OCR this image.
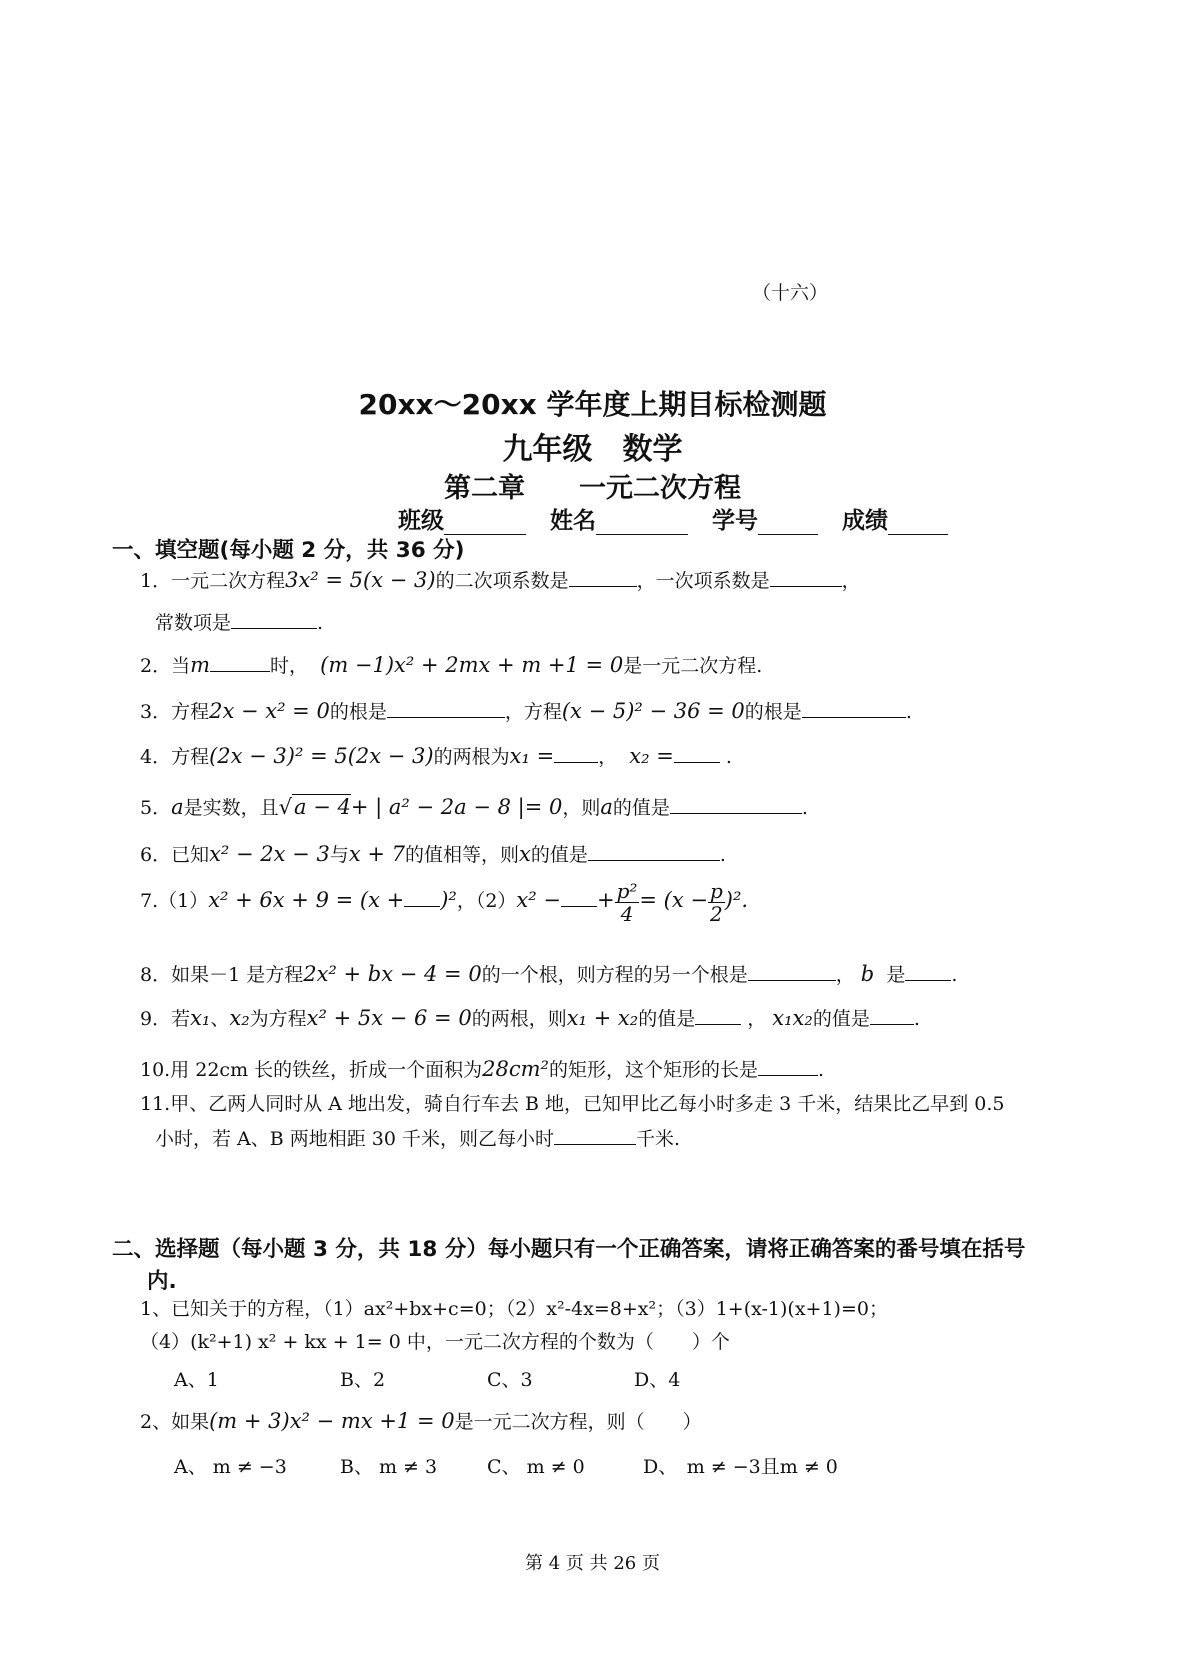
（十六）
20xx～20xx 学年度上期目标检测题
九年级　数学
第二章　　一元二次方程
班级	姓名	学号	成绩
一、填空题(每小题 2 分，共 36 分)
1．一元二次方程3x² = 5(x − 3)的二次项系数是	，一次项系数是	，
常数项是	.
2．当m	时， (m −1)x² + 2mx + m +1 = 0是一元二次方程.
3．方程2x − x² = 0的根是	，方程(x − 5)² − 36 = 0的根是	.
4．方程(2x − 3)² = 5(2x − 3)的两根为x₁ = ，  x₂ = .
5．a是实数，且√a − 4+ | a² − 2a − 8 |= 0，则a的值是	.
6．已知x² − 2x − 3与x + 7的值相等，则x的值是	.
7.（1）x² + 6x + 9 = (x + )²，（2）x² − + $\frac{\text{p²}}{4} = (x - \frac{p}{2} )^2$.
8．如果－1 是方程2x² + bx − 4 = 0的一个根，则方程的另一个根是	， b 是 .
9．若x₁、x₂为方程x² + 5x − 6 = 0的两根，则x₁ + x₂的值是 ， x₁x₂的值是 .
10.用 22cm 长的铁丝，折成一个面积为28cm²的矩形，这个矩形的长是	.
11.甲、乙两人同时从 A 地出发，骑自行车去 B 地，已知甲比乙每小时多走 3 千米，结果比乙早到 0.5
小时，若 A、B 两地相距 30 千米，则乙每小时	千米.
二、选择题（每小题 3 分，共 18 分）每小题只有一个正确答案，请将正确答案的番号填在括号内.
1、已知关于的方程，（1）ax²+bx+c=0；（2）x²-4x=8+x²；（3）1+(x-1)(x+1)=0；
（4）(k²+1) x² + kx + 1= 0 中，一元二次方程的个数为（　　）个
A、1	B、2	C、3	D、4
2、如果(m + 3)x² − mx +1 = 0是一元二次方程，则（　　）
A、 m ≠ −3	B、 m ≠ 3	C、 m ≠ 0	D、　m ≠ −3且m ≠ 0
第 4 页 共 26 页
